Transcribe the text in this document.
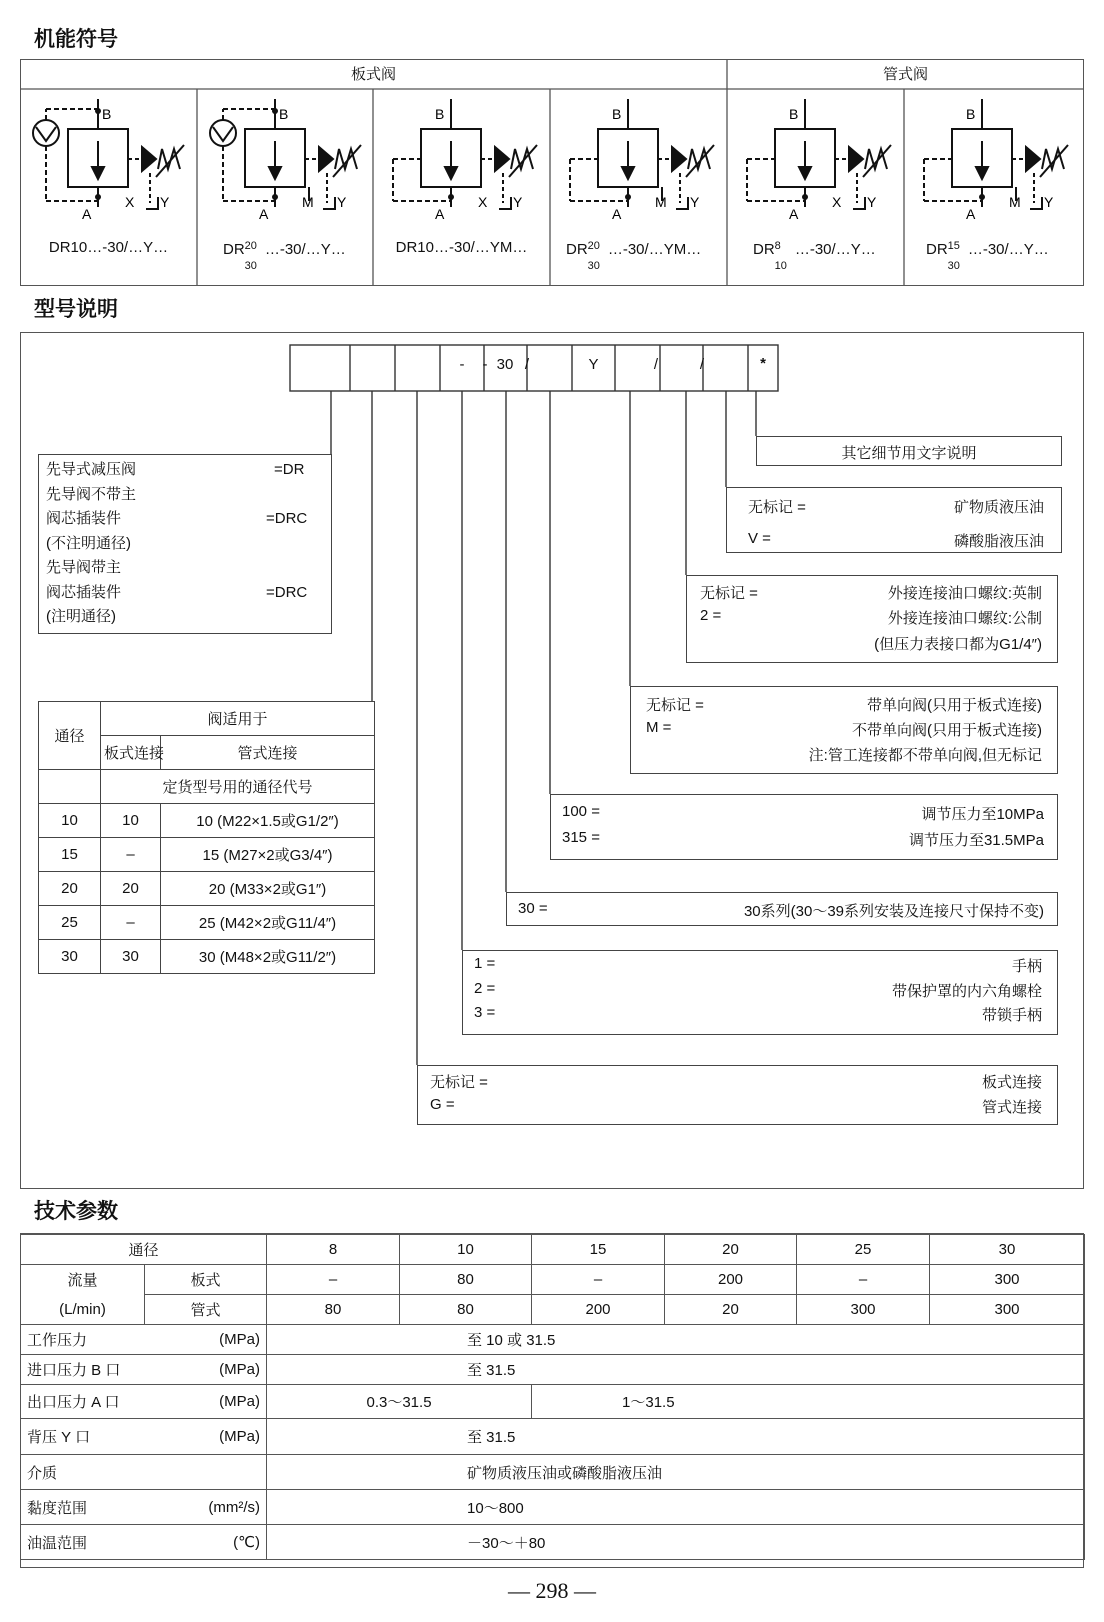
机能符号
板式阀	管式阀
B
A
X Y
DR10…-30/…Y…
B
A
M Y
DR 20
30
…-30/…Y…
B
A
X Y
DR10…-30/…YM…
B
A
M Y
DR 20
30
…-30/…YM…
B
A
X Y
DR 8
10
…-30/…Y…
B
A
M Y
DR 15
30
…-30/…Y…
型号说明
-	- 30 /	Y	/	/	*
先导式减压阀	=DR
先导阀不带主
阀芯插装件	=DRC
(不注明通径)
先导阀带主
阀芯插装件	=DRC
(注明通径)
通径	阀适用于	
	板式连接	管式连接
	定货型号用的通径代号	
10	10	10 (M22×1.5或G1/2″)
15	–	15 (M27×2或G3/4″)
20	20	20 (M33×2或G1″)
25	–	25 (M42×2或G11/4″)
30	30	30 (M48×2或G11/2″)
其它细节用文字说明
无标记 =	矿物质液压油
V =	磷酸脂液压油
无标记 =	外接连接油口螺纹:英制
2 =	外接连接油口螺纹:公制
(但压力表接口都为G1/4″)
无标记 =	带单向阀(只用于板式连接)
M =	不带单向阀(只用于板式连接)
注:管工连接都不带单向阀,但无标记
100 =	调节压力至10MPa
315 =	调节压力至31.5MPa
30 =	30系列(30～39系列安装及连接尺寸保持不变)
1 =	手柄
2 =	带保护罩的内六角螺栓
3 =	带锁手柄
无标记 =	板式连接
G =	管式连接
技术参数
通径		8	10	15	20	25	30
流量	板式	–	80	–	200	–	300
(L/min)	管式	80	80	200	20	300	300
工作压力	(MPa)	至 10 或 31.5					
进口压力 B 口	(MPa)	至 31.5					
出口压力 A 口	(MPa)	0.3～31.5		1～31.5			
背压 Y 口	(MPa)	至 31.5					
介质		矿物质液压油或磷酸脂液压油					
黏度范围	(mm²/s)	10～800					
油温范围	(℃)	－30～＋80					
— 298 —
